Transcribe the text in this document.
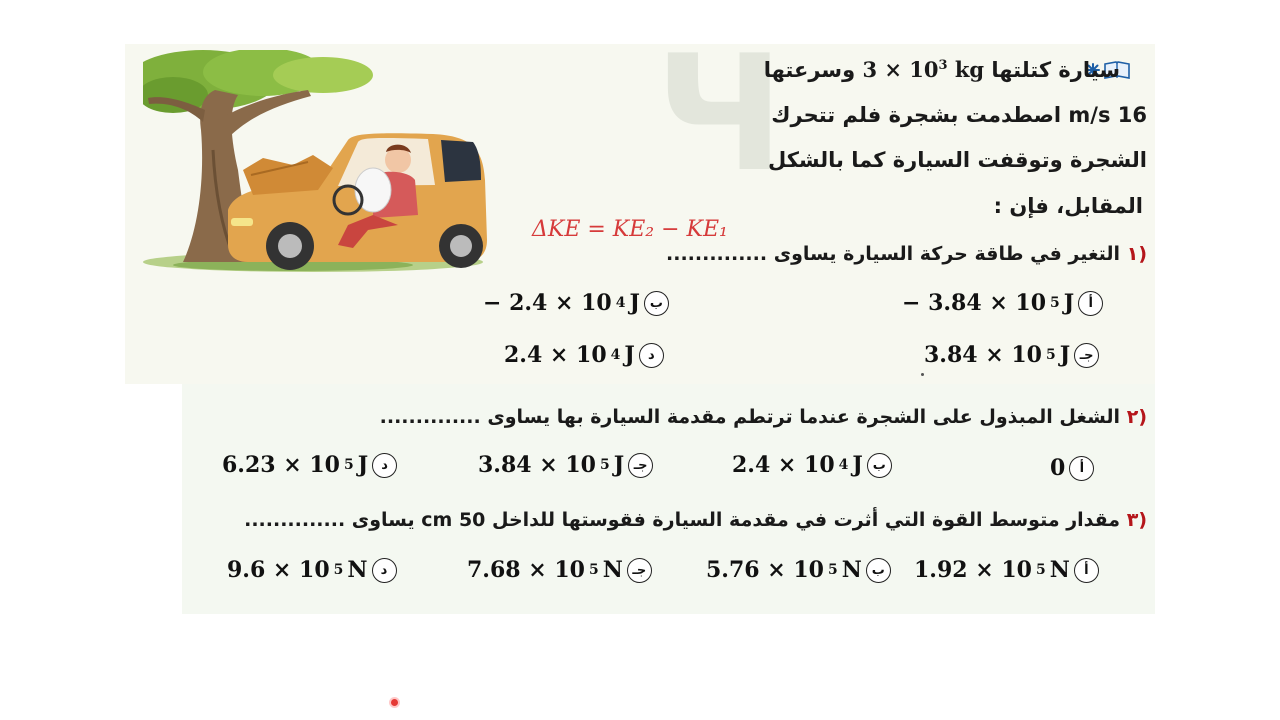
Ч	سيارة كتلتها $3 \times 10^3$ kg وسرعتها
16 m/s اصطدمت بشجرة فلم تتحرك
الشجرة وتوقفت السيارة كما بالشكل
المقابل، فإن :
ΔKE = KE₂ − KE₁
(١ التغير في طاقة حركة السيارة يساوى ..............
− 3.84 × 10 5 J	أ
− 2.4 × 10 4 J ب
3.84 × 10 5 J جـ
2.4 × 10 4 J	د
(٢ الشغل المبذول على الشجرة عندما ترتطم مقدمة السيارة بها يساوى ..............
0	أ
2.4 × 10 4 J ب
3.84 × 10 5 J جـ
6.23 × 10 5 J	د
(٣ مقدار متوسط القوة التي أثرت في مقدمة السيارة فقوستها للداخل 50 cm يساوى ..............
1.92 × 10 5 N	أ
5.76 × 10 5 N ب
7.68 × 10 5 N جـ
9.6 × 10 5 N	د
